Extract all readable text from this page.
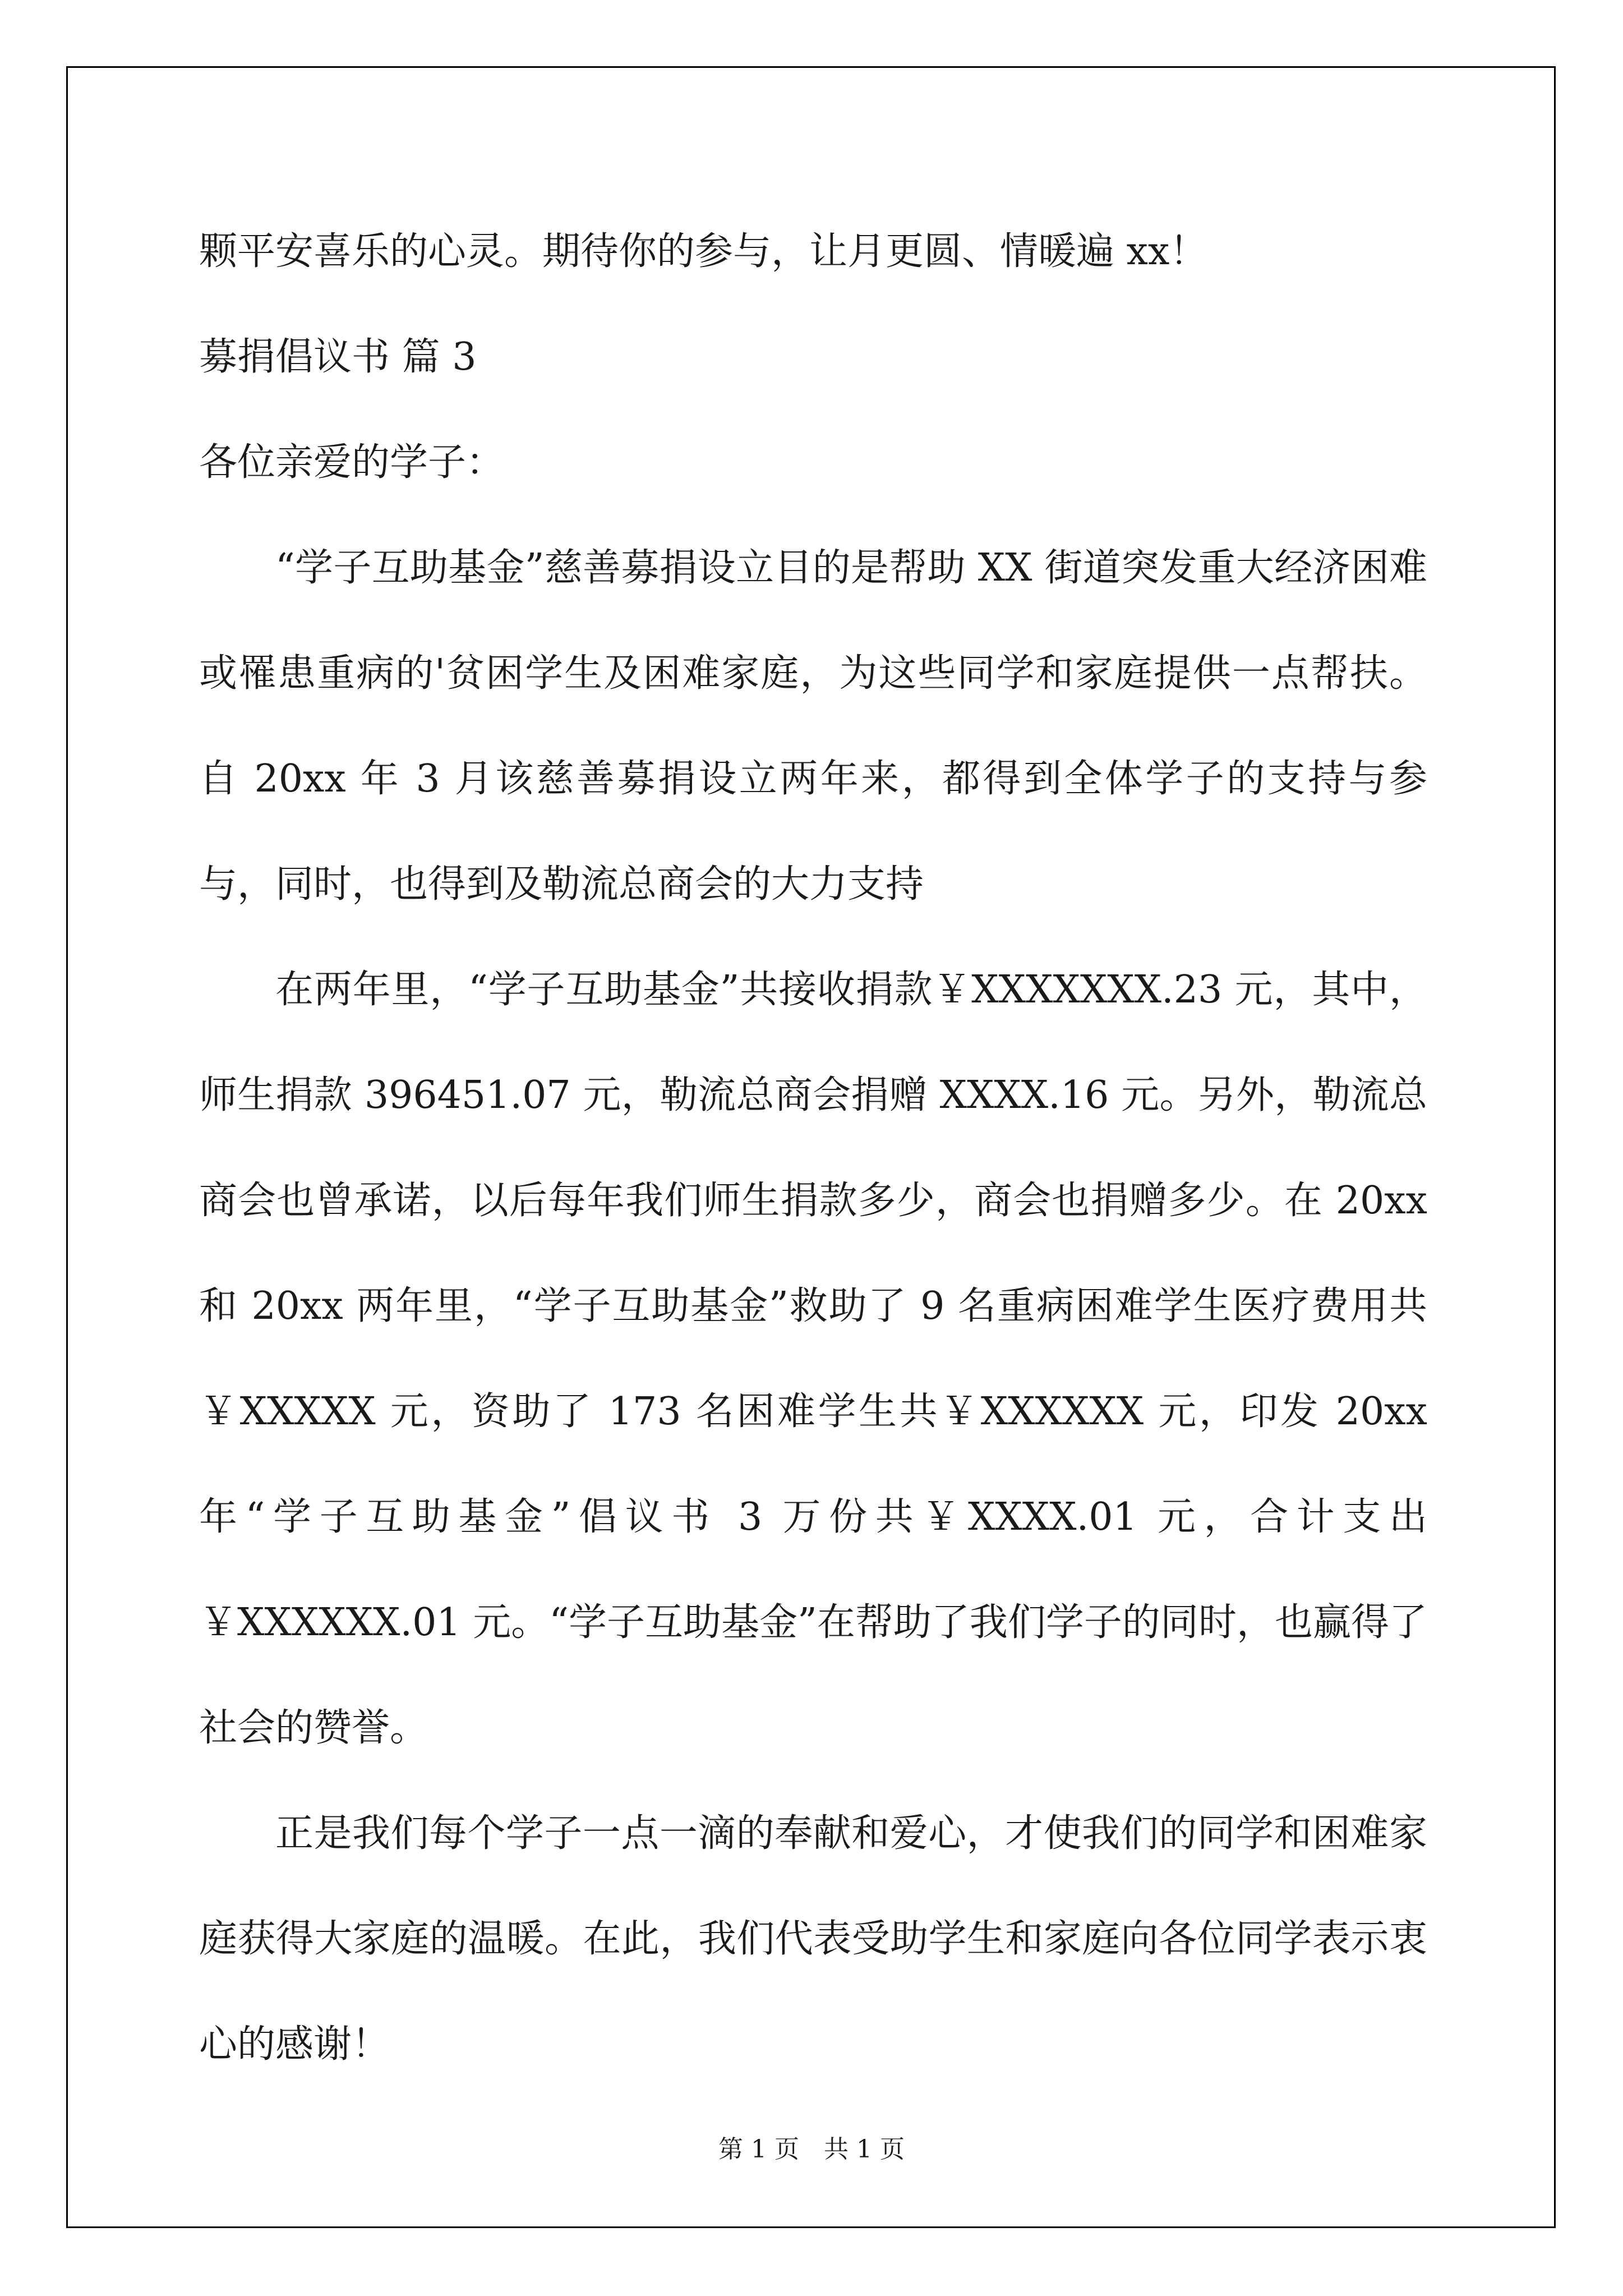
颗平安喜乐的心灵。期待你的参与，让月更圆、情暖遍 xx！
募捐倡议书 篇 3
各位亲爱的学子：

“学子互助基金”慈善募捐设立目的是帮助 XX 街道突发重大经济困难或罹患重病的'贫困学生及困难家庭，为这些同学和家庭提供一点帮扶。自 20xx 年 3 月该慈善募捐设立两年来，都得到全体学子的支持与参与，同时，也得到及勒流总商会的大力支持

在两年里，“学子互助基金”共接收捐款￥XXXXXXX.23 元，其中，师生捐款 396451.07 元，勒流总商会捐赠 XXXX.16 元。另外，勒流总商会也曾承诺，以后每年我们师生捐款多少，商会也捐赠多少。在 20xx 和 20xx 两年里，“学子互助基金”救助了 9 名重病困难学生医疗费用共￥XXXXX 元，资助了 173 名困难学生共￥XXXXXX 元，印发 20xx 年“学子互助基金”倡议书 3 万份共￥XXXX.01 元，合计支出￥XXXXXX.01 元。“学子互助基金”在帮助了我们学子的同时，也赢得了社会的赞誉。

正是我们每个学子一点一滴的奉献和爱心，才使我们的同学和困难家庭获得大家庭的温暖。在此，我们代表受助学生和家庭向各位同学表示衷心的感谢！

第 1 页　共 1 页
